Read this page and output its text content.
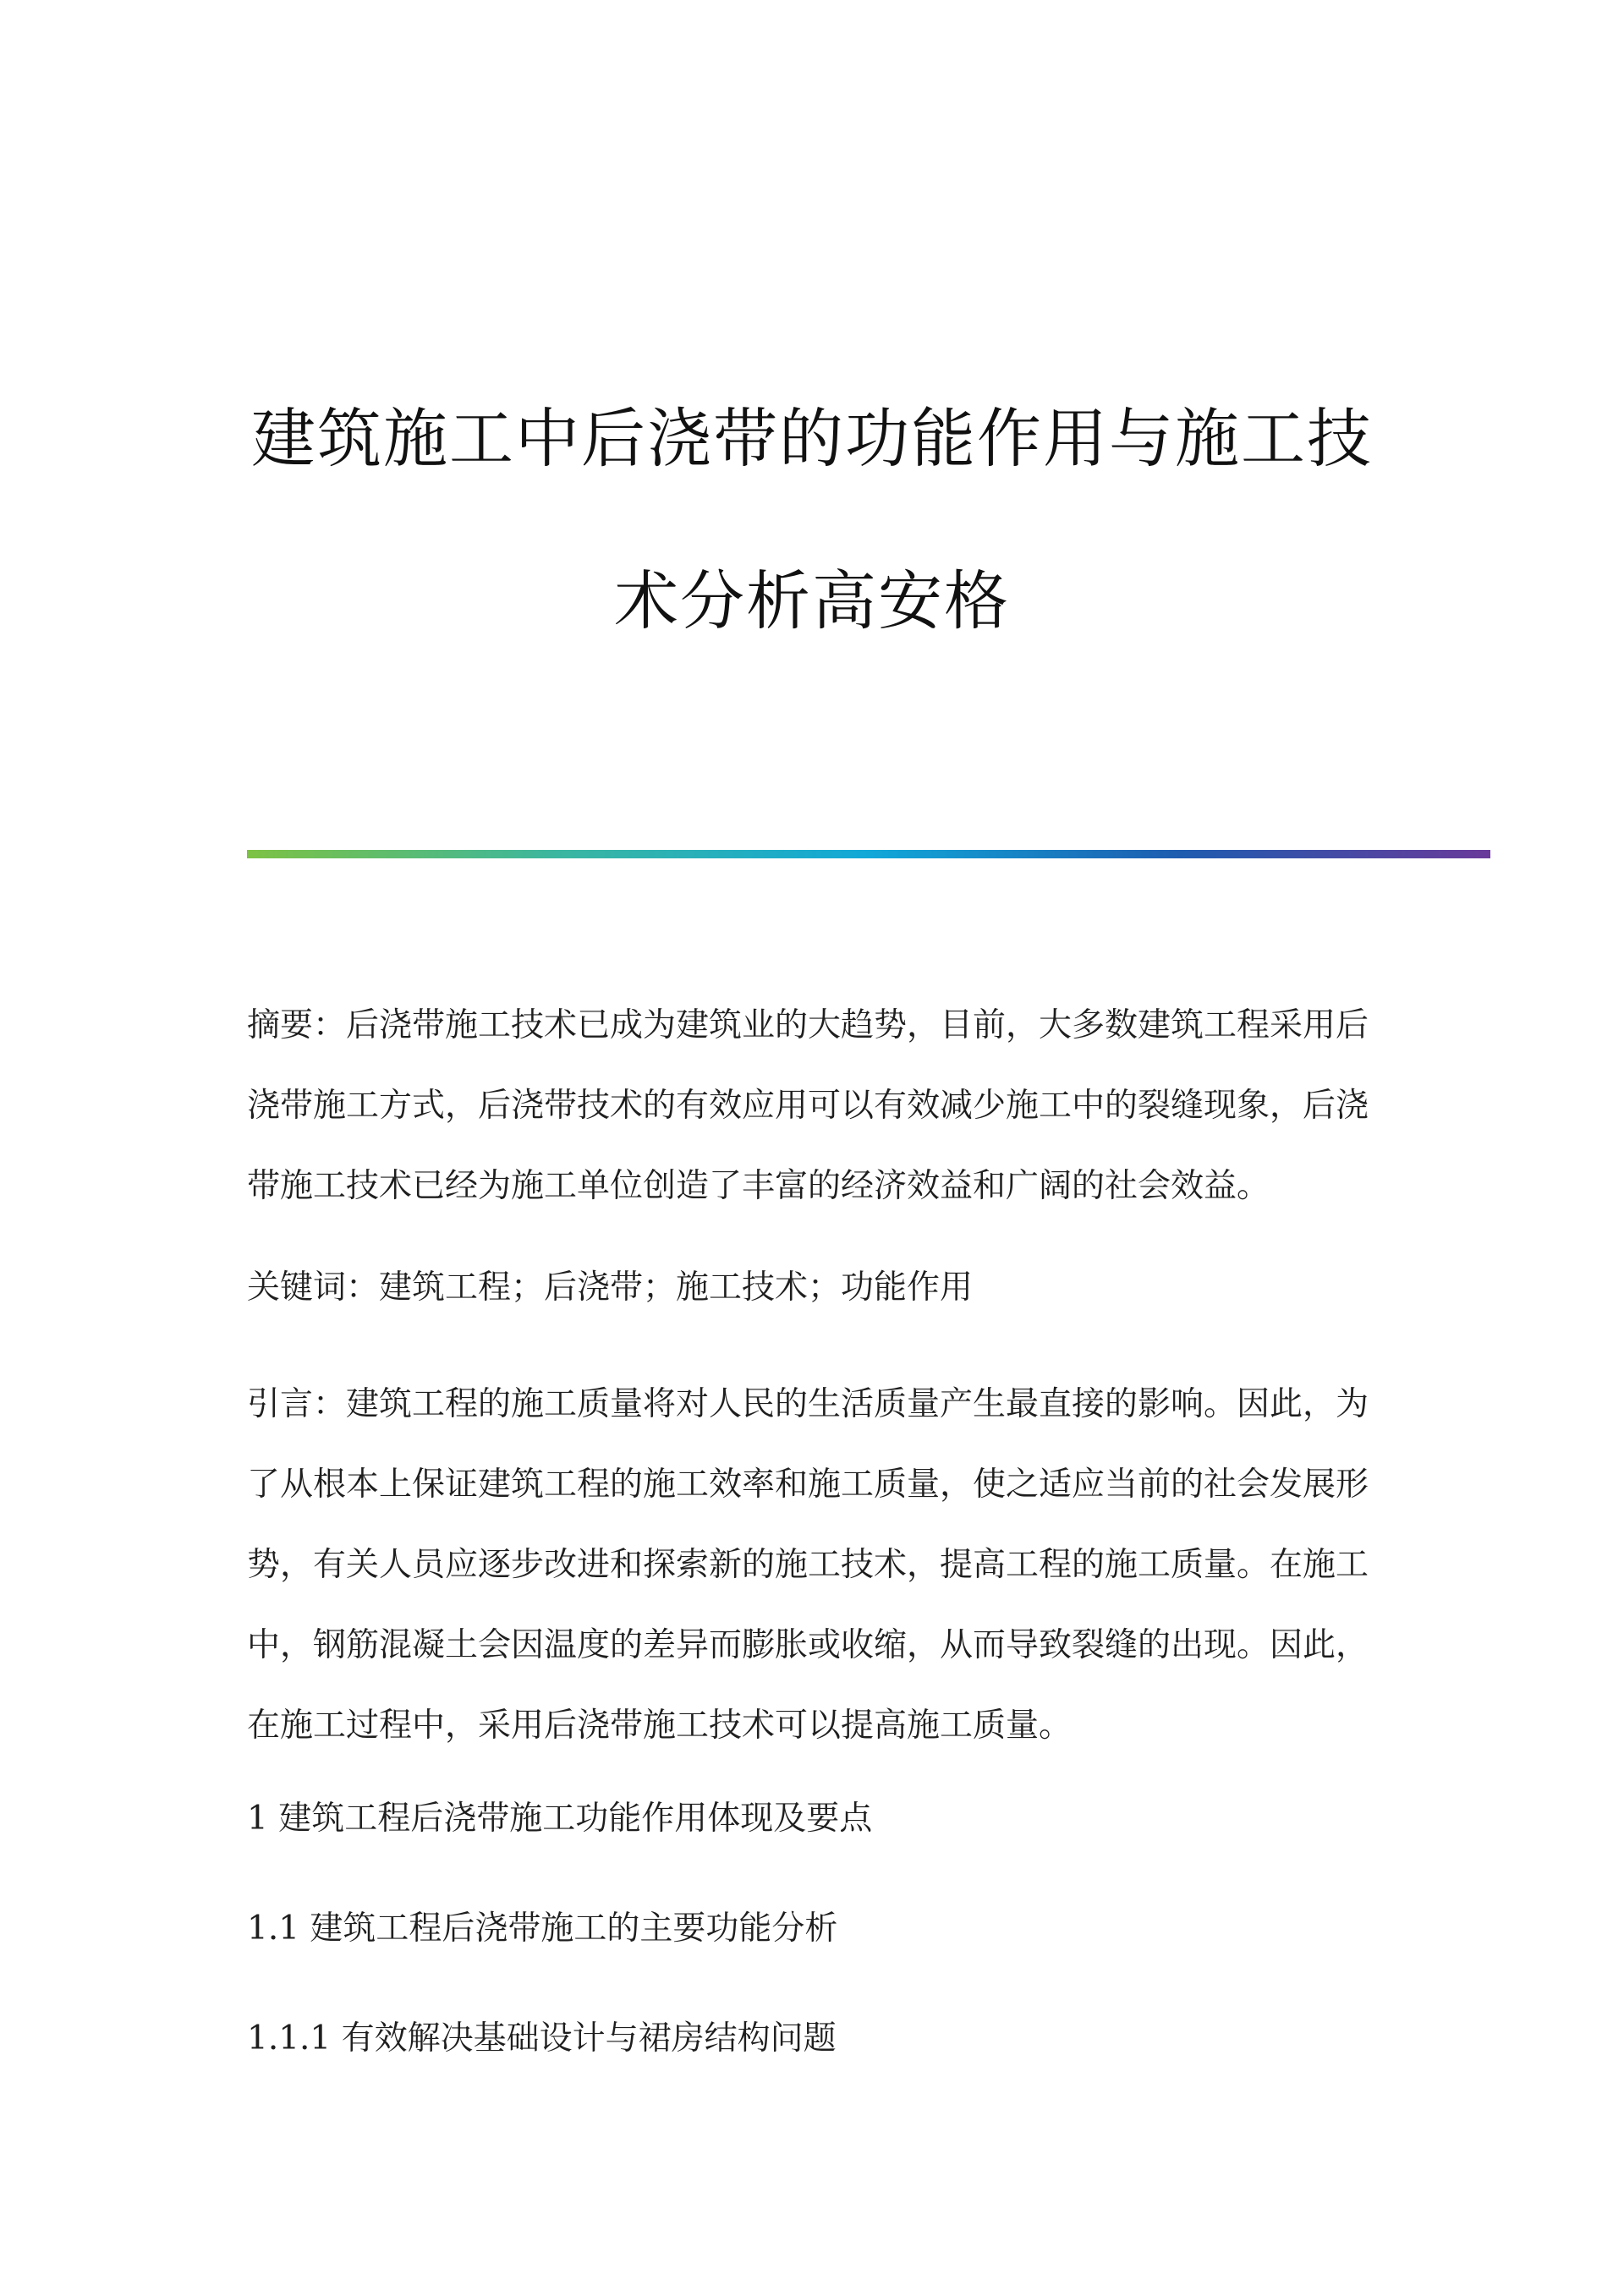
建筑施工中后浇带的功能作用与施工技
术分析高安格

摘要：后浇带施工技术已成为建筑业的大趋势，目前，大多数建筑工程采用后浇带施工方式，后浇带技术的有效应用可以有效减少施工中的裂缝现象，后浇带施工技术已经为施工单位创造了丰富的经济效益和广阔的社会效益。

关键词：建筑工程；后浇带；施工技术；功能作用

引言：建筑工程的施工质量将对人民的生活质量产生最直接的影响。因此，为了从根本上保证建筑工程的施工效率和施工质量，使之适应当前的社会发展形势，有关人员应逐步改进和探索新的施工技术，提高工程的施工质量。在施工中，钢筋混凝土会因温度的差异而膨胀或收缩，从而导致裂缝的出现。因此，在施工过程中，采用后浇带施工技术可以提高施工质量。

1 建筑工程后浇带施工功能作用体现及要点

1.1 建筑工程后浇带施工的主要功能分析

1.1.1 有效解决基础设计与裙房结构问题
